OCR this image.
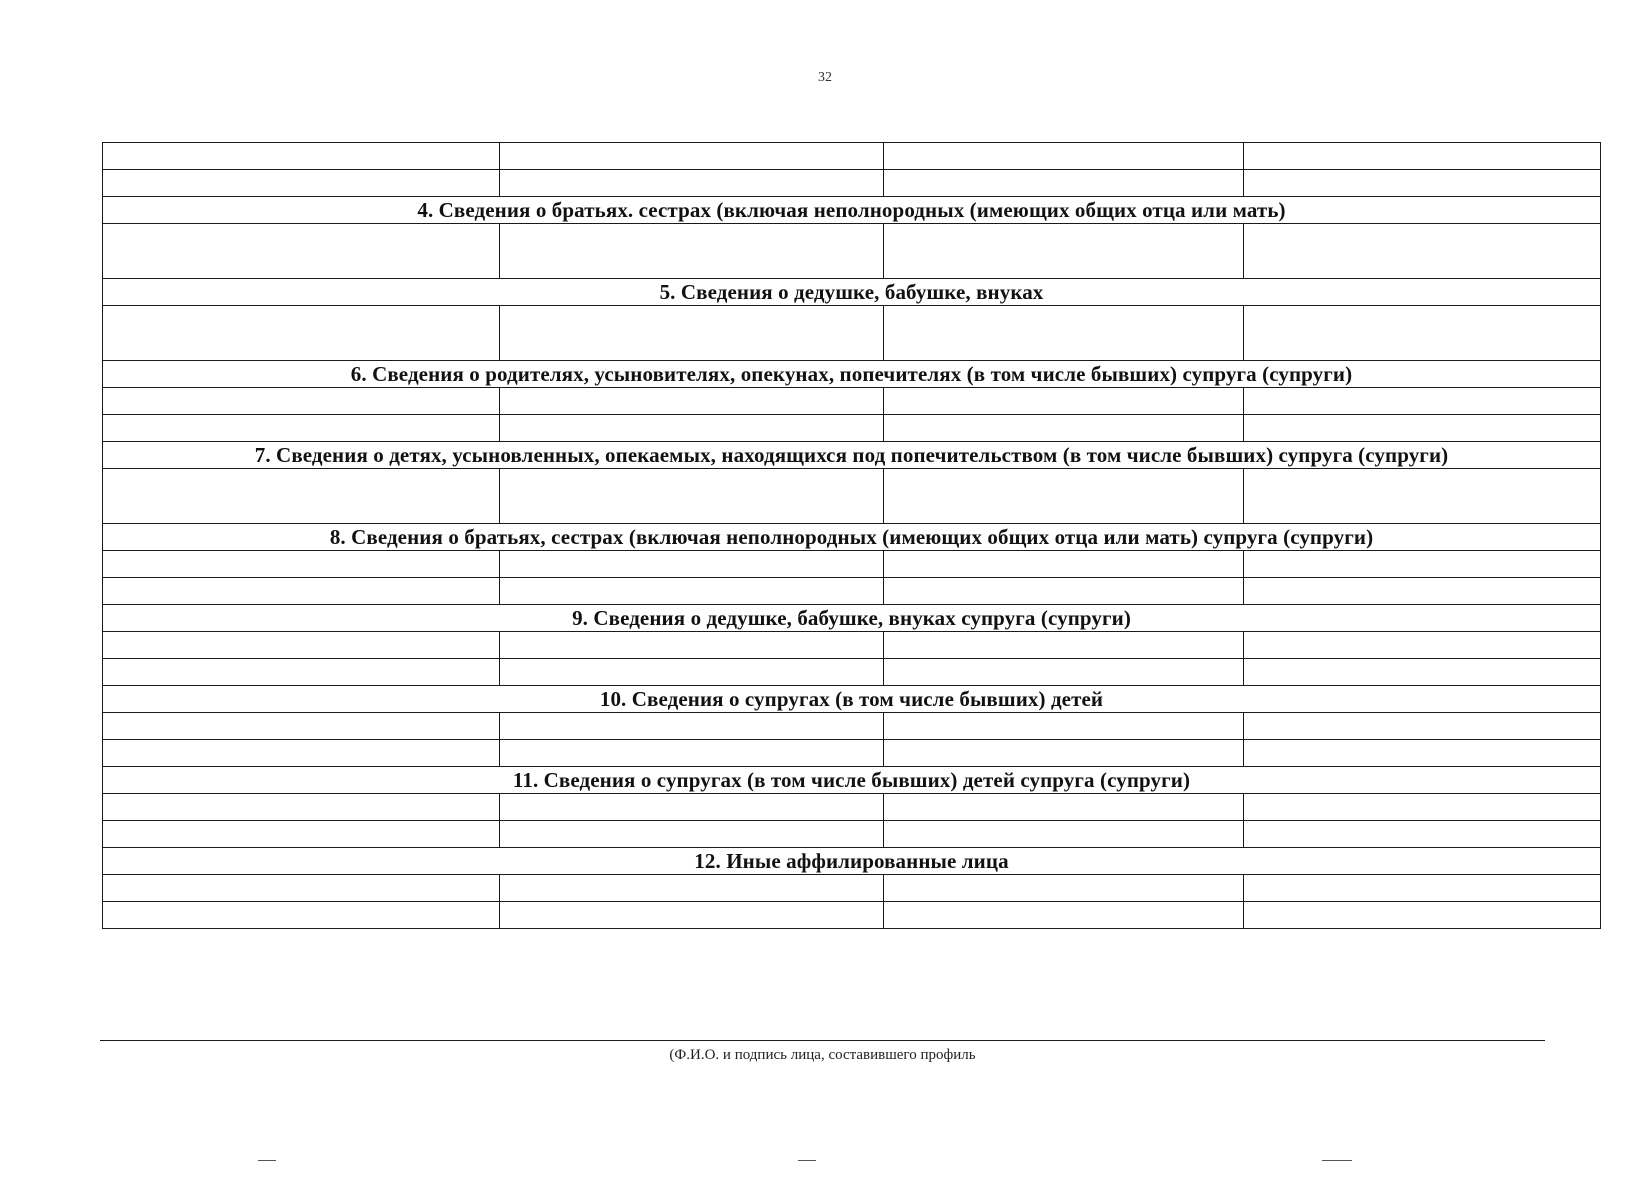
32

4. Сведения о братьях. сестрах (включая неполнородных (имеющих общих отца или мать)			

5. Сведения о дедушке, бабушке, внуках			

6. Сведения о родителях, усыновителях, опекунах, попечителях (в том числе бывших) супруга (супруги)			

7. Сведения о детях, усыновленных, опекаемых, находящихся под попечительством (в том числе бывших) супруга (супруги)			

8. Сведения о братьях, сестрах (включая неполнородных (имеющих общих отца или мать) супруга (супруги)			

9. Сведения о дедушке, бабушке, внуках супруга (супруги)			

10. Сведения о супругах (в том числе бывших) детей			

11. Сведения о супругах (в том числе бывших) детей супруга (супруги)			

12. Иные аффилированные лица			

(Ф.И.О. и подпись лица, составившего профиль
